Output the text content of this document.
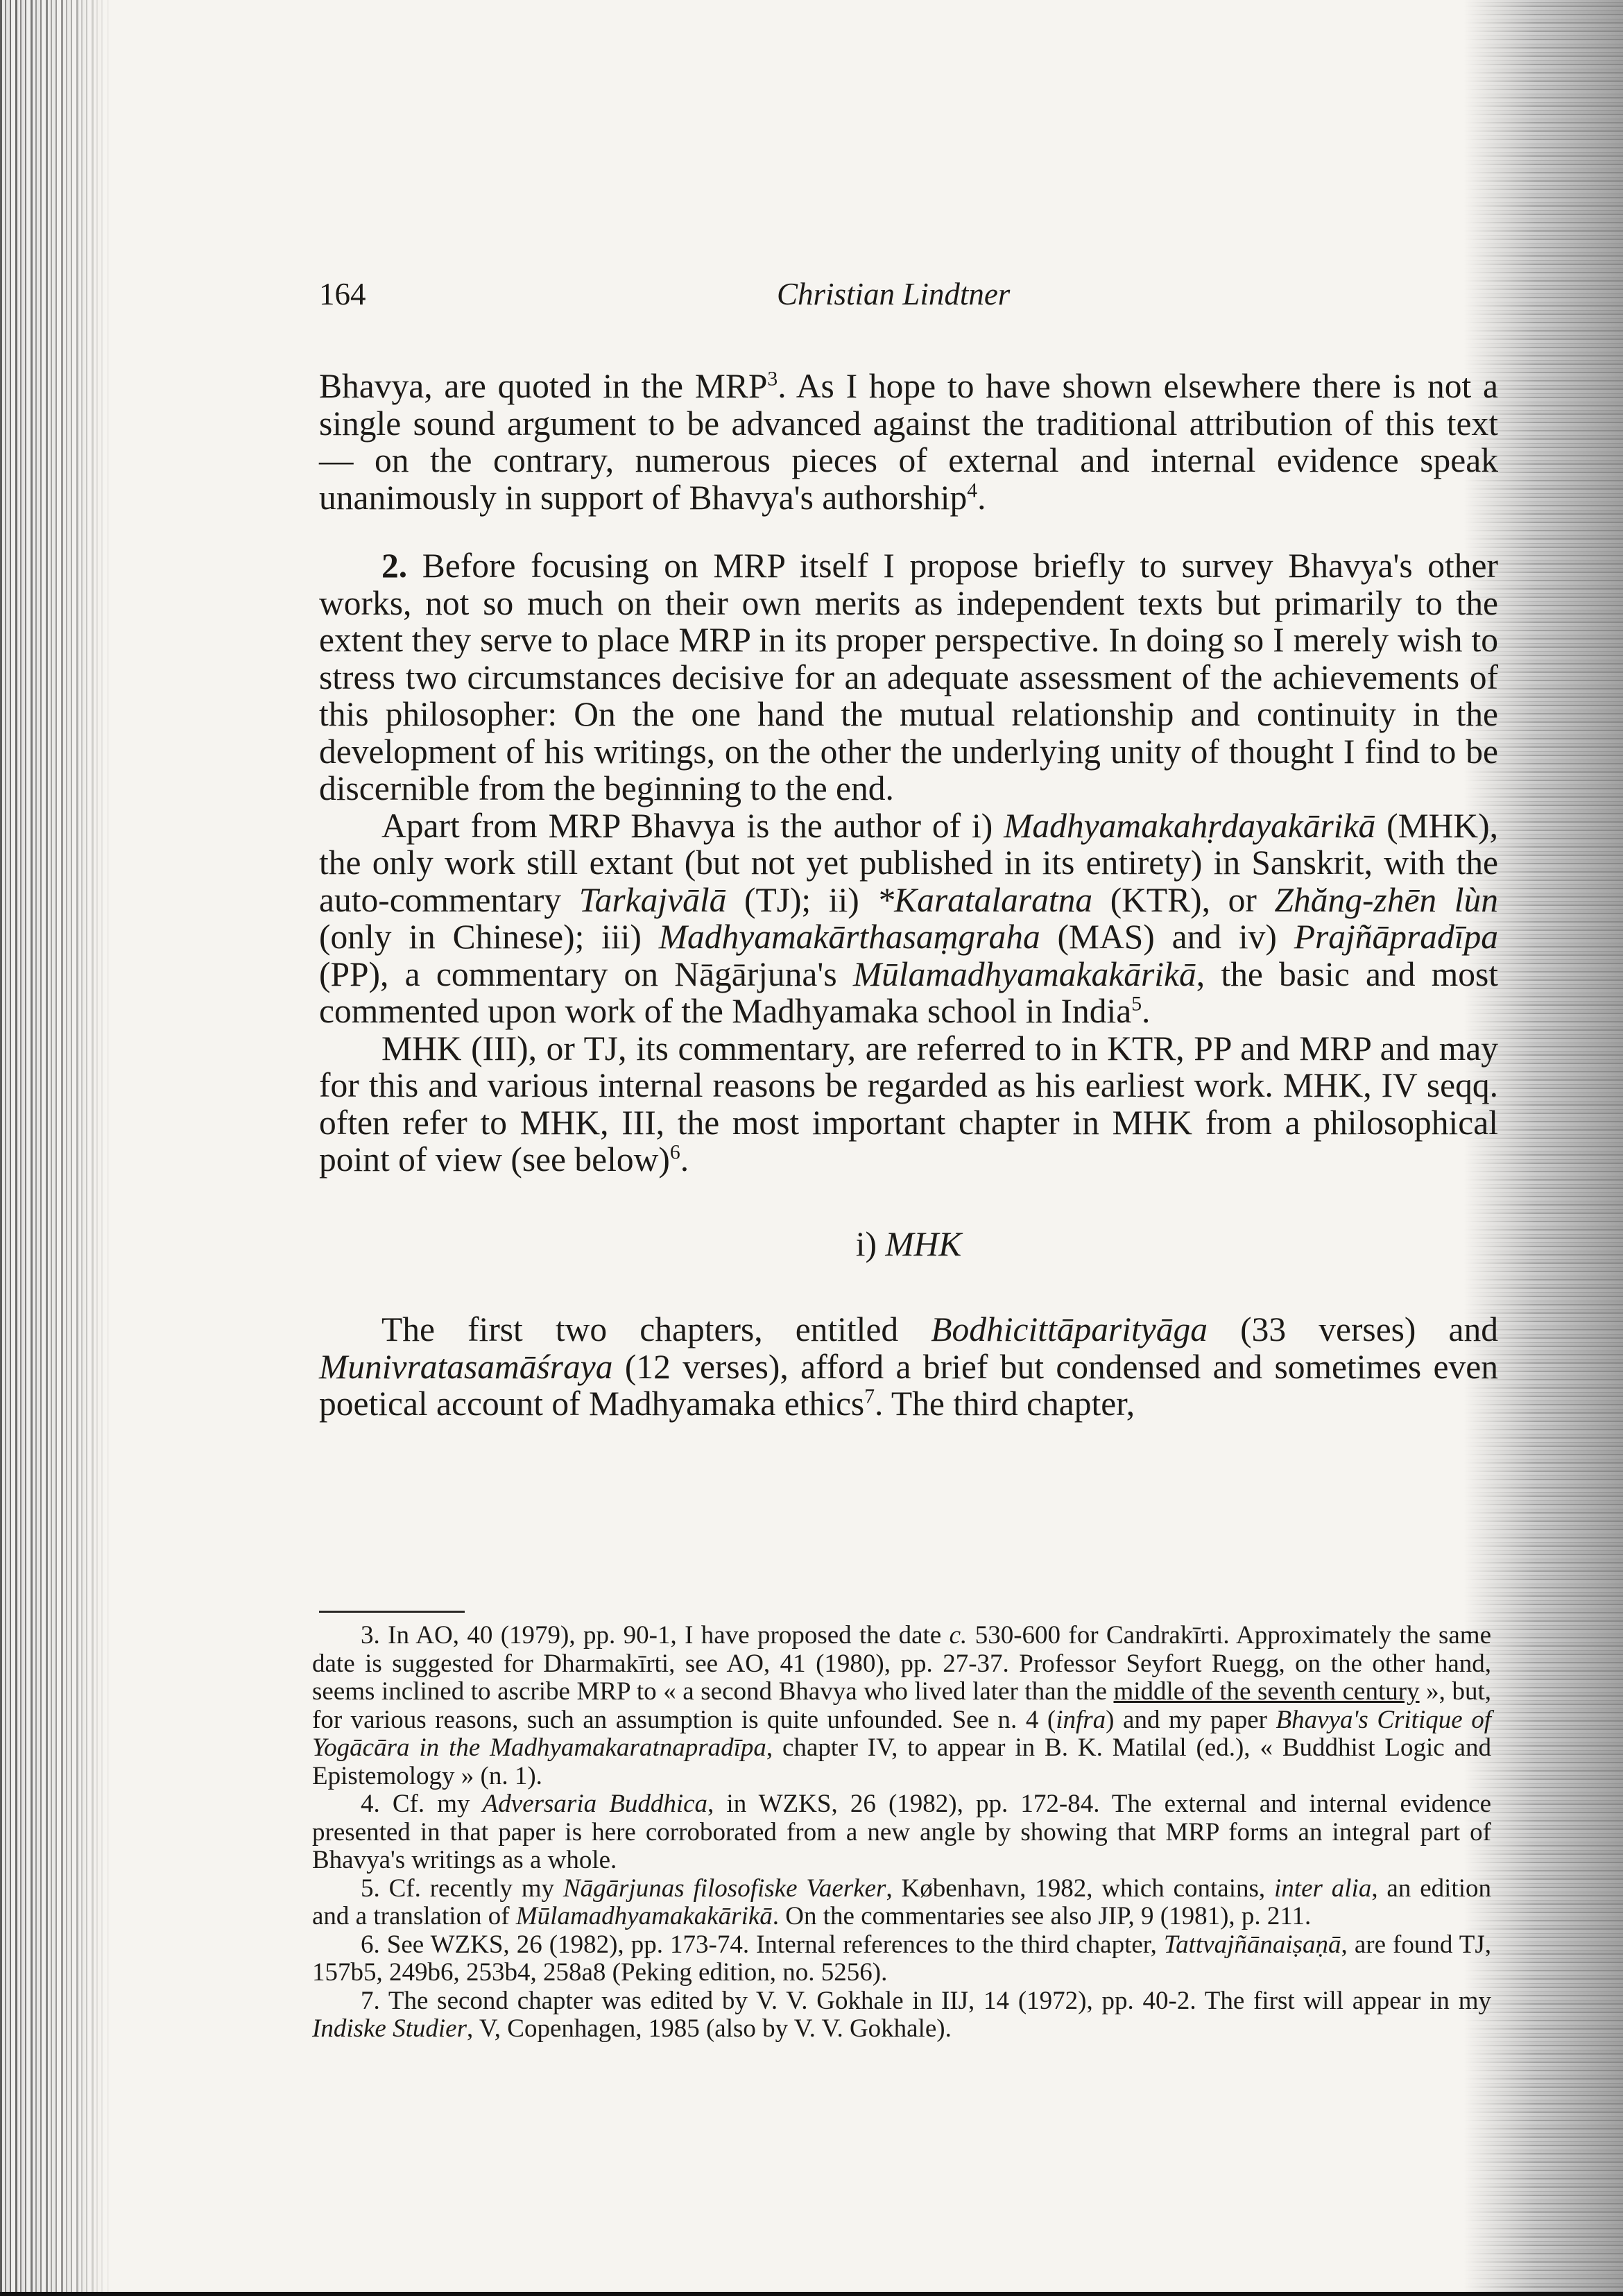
164	Christian Lindtner

Bhavya, are quoted in the MRP$^3$. As I hope to have shown elsewhere there is not a single sound argument to be advanced against the traditional attribution of this text — on the contrary, numerous pieces of external and internal evidence speak unanimously in support of Bhavya's authorship$^4$.

2. Before focusing on MRP itself I propose briefly to survey Bhavya's other works, not so much on their own merits as independent texts but primarily to the extent they serve to place MRP in its proper perspective. In doing so I merely wish to stress two circumstances decisive for an adequate assessment of the achievements of this philosopher: On the one hand the mutual relationship and continuity in the development of his writings, on the other the underlying unity of thought I find to be discernible from the beginning to the end.

Apart from MRP Bhavya is the author of i) Madhyamakahṛdayakārikā (MHK), the only work still extant (but not yet published in its entirety) in Sanskrit, with the auto-commentary Tarkajvālā (TJ); ii) *Karatalaratna (KTR), or Zhăng-zhēn lùn (only in Chinese); iii) Madhyamakārthasaṃgraha (MAS) and iv) Prajñāpradīpa (PP), a commentary on Nāgārjuna's Mūlamadhyamakakārikā, the basic and most commented upon work of the Madhyamaka school in India$^5$.

MHK (III), or TJ, its commentary, are referred to in KTR, PP and MRP and may for this and various internal reasons be regarded as his earliest work. MHK, IV seqq. often refer to MHK, III, the most important chapter in MHK from a philosophical point of view (see below)$^6$.

i) MHK

The first two chapters, entitled Bodhicittāparityāga (33 verses) and Munivratasamāśraya (12 verses), afford a brief but condensed and sometimes even poetical account of Madhyamaka ethics$^7$. The third chapter,

3. In AO, 40 (1979), pp. 90-1, I have proposed the date c. 530-600 for Candrakīrti. Approximately the same date is suggested for Dharmakīrti, see AO, 41 (1980), pp. 27-37. Professor Seyfort Ruegg, on the other hand, seems inclined to ascribe MRP to « a second Bhavya who lived later than the middle of the seventh century », but, for various reasons, such an assumption is quite unfounded. See n. 4 (infra) and my paper Bhavya's Critique of Yogācāra in the Madhyamakaratnapradīpa, chapter IV, to appear in B. K. Matilal (ed.), « Buddhist Logic and Epistemology » (n. 1).

4. Cf. my Adversaria Buddhica, in WZKS, 26 (1982), pp. 172-84. The external and internal evidence presented in that paper is here corroborated from a new angle by showing that MRP forms an integral part of Bhavya's writings as a whole.

5. Cf. recently my Nāgārjunas filosofiske Vaerker, København, 1982, which contains, inter alia, an edition and a translation of Mūlamadhyamakakārikā. On the commentaries see also JIP, 9 (1981), p. 211.

6. See WZKS, 26 (1982), pp. 173-74. Internal references to the third chapter, Tattvajñānaiṣaṇā, are found TJ, 157b5, 249b6, 253b4, 258a8 (Peking edition, no. 5256).

7. The second chapter was edited by V. V. Gokhale in IIJ, 14 (1972), pp. 40-2. The first will appear in my Indiske Studier, V, Copenhagen, 1985 (also by V. V. Gokhale).
